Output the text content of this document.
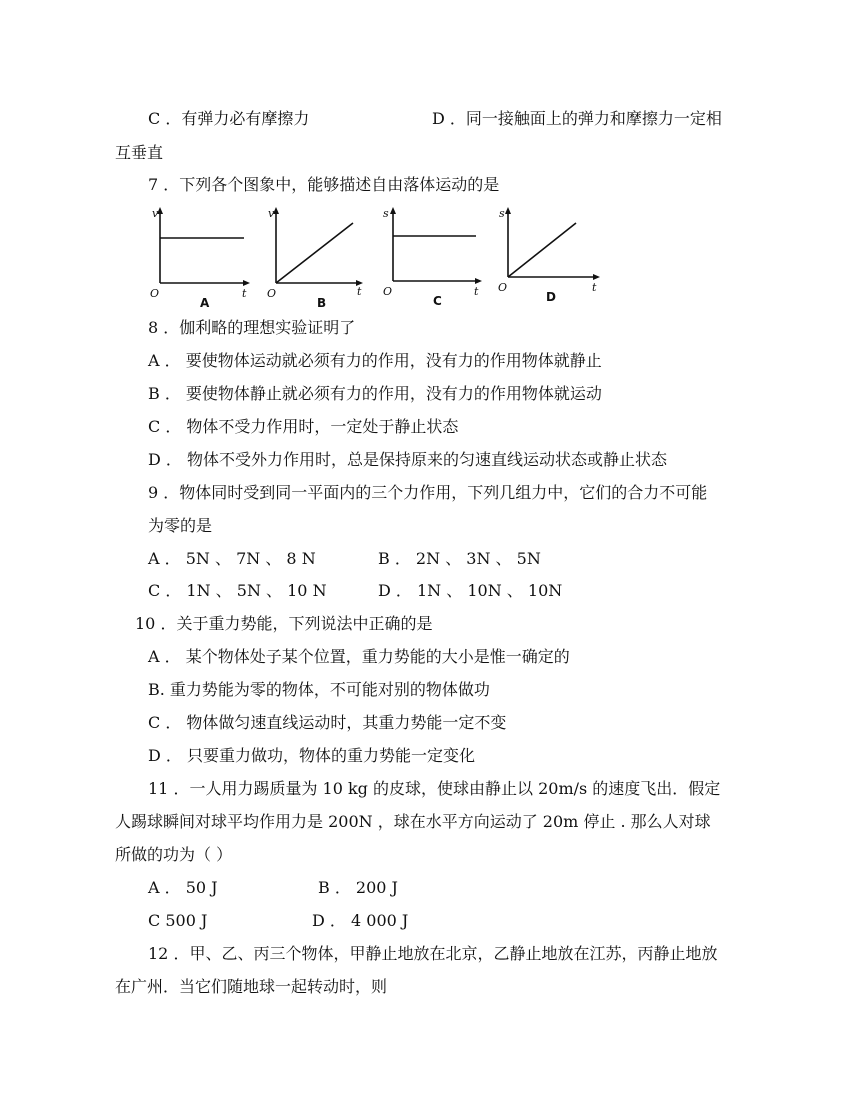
C ．有弹力必有摩擦力	D ．同一接触面上的弹力和摩擦力一定相
互垂直
7 ．下列各个图象中，能够描述自由落体运动的是
v
t
O
A
v
t
O
B
s
t
O
C
s
t
O
D
8 ．伽利略的理想实验证明了
A ． 要使物体运动就必须有力的作用，没有力的作用物体就静止
B ． 要使物体静止就必须有力的作用，没有力的作用物体就运动
C ． 物体不受力作用时，一定处于静止状态
D ． 物体不受外力作用时，总是保持原来的匀速直线运动状态或静止状态
9 ．物体同时受到同一平面内的三个力作用，下列几组力中，它们的合力不可能
为零的是
A ． 5N 、 7N 、 8 N	B ． 2N 、 3N 、 5N
C ． 1N 、 5N 、 10 N	D ． 1N 、 10N 、 10N
10 ．关于重力势能，下列说法中正确的是
A ． 某个物体处子某个位置，重力势能的大小是惟一确定的
B. 重力势能为零的物体，不可能对别的物体做功
C ． 物体做匀速直线运动时，其重力势能一定不变
D ． 只要重力做功，物体的重力势能一定变化
11 ．一人用力踢质量为 10 kg 的皮球，使球由静止以 20m/s 的速度飞出．假定
人踢球瞬间对球平均作用力是 200N ，球在水平方向运动了 20m 停止 . 那么人对球
所做的功为（ ）
A ． 50 J	B ． 200 J
C 500 J	D ． 4 000 J
12 ．甲、乙、丙三个物体，甲静止地放在北京，乙静止地放在江苏，丙静止地放
在广州．当它们随地球一起转动时，则
